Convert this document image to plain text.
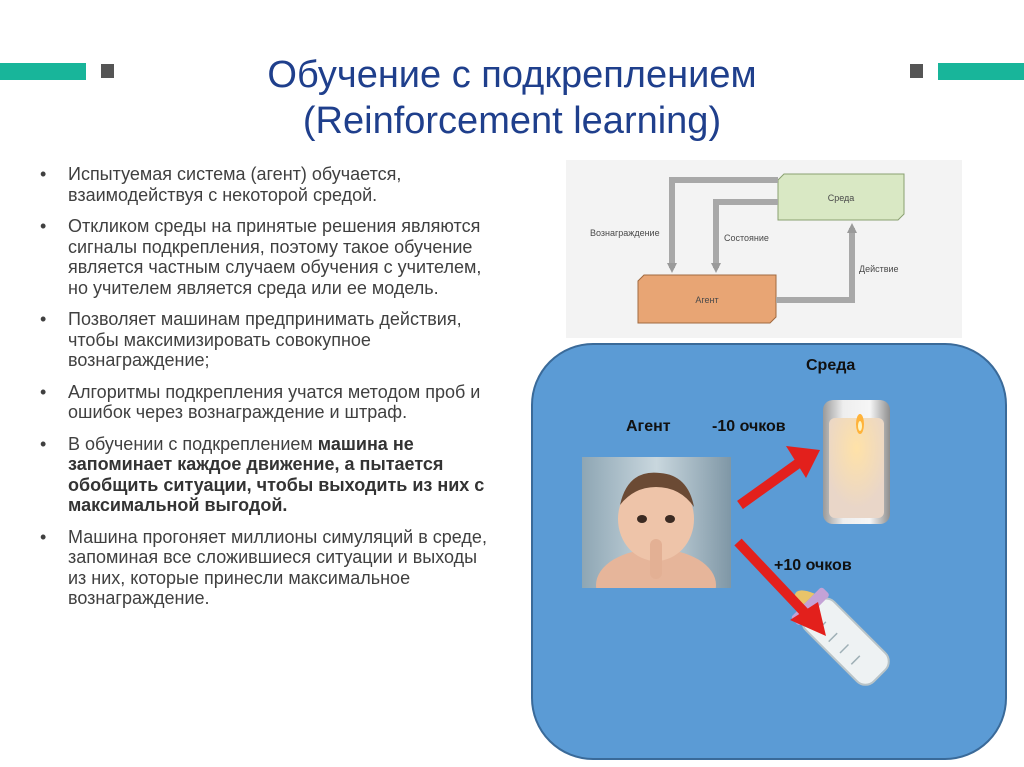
Обучение с подкреплением
(Reinforcement learning)
• Испытуемая система (агент) обучается, взаимодействуя с некоторой средой.
• Откликом среды на принятые решения являются сигналы подкрепления, поэтому такое обучение является частным случаем обучения с учителем, но учителем является среда или ее модель.
• Позволяет машинам предпринимать действия, чтобы максимизировать совокупное вознаграждение;
• Алгоритмы подкрепления учатся методом проб и ошибок через вознаграждение и штраф.
• В обучении с подкреплением машина не запоминает каждое движение, а пытается обобщить ситуации, чтобы выходить из них с максимальной выгодой.
• Машина прогоняет миллионы симуляций в среде, запоминая все сложившиеся ситуации и выходы из них, которые принесли максимальное вознаграждение.
Среда
Агент
Вознаграждение	Состояние
Действие
Среда
Агент	-10 очков
+10 очков
